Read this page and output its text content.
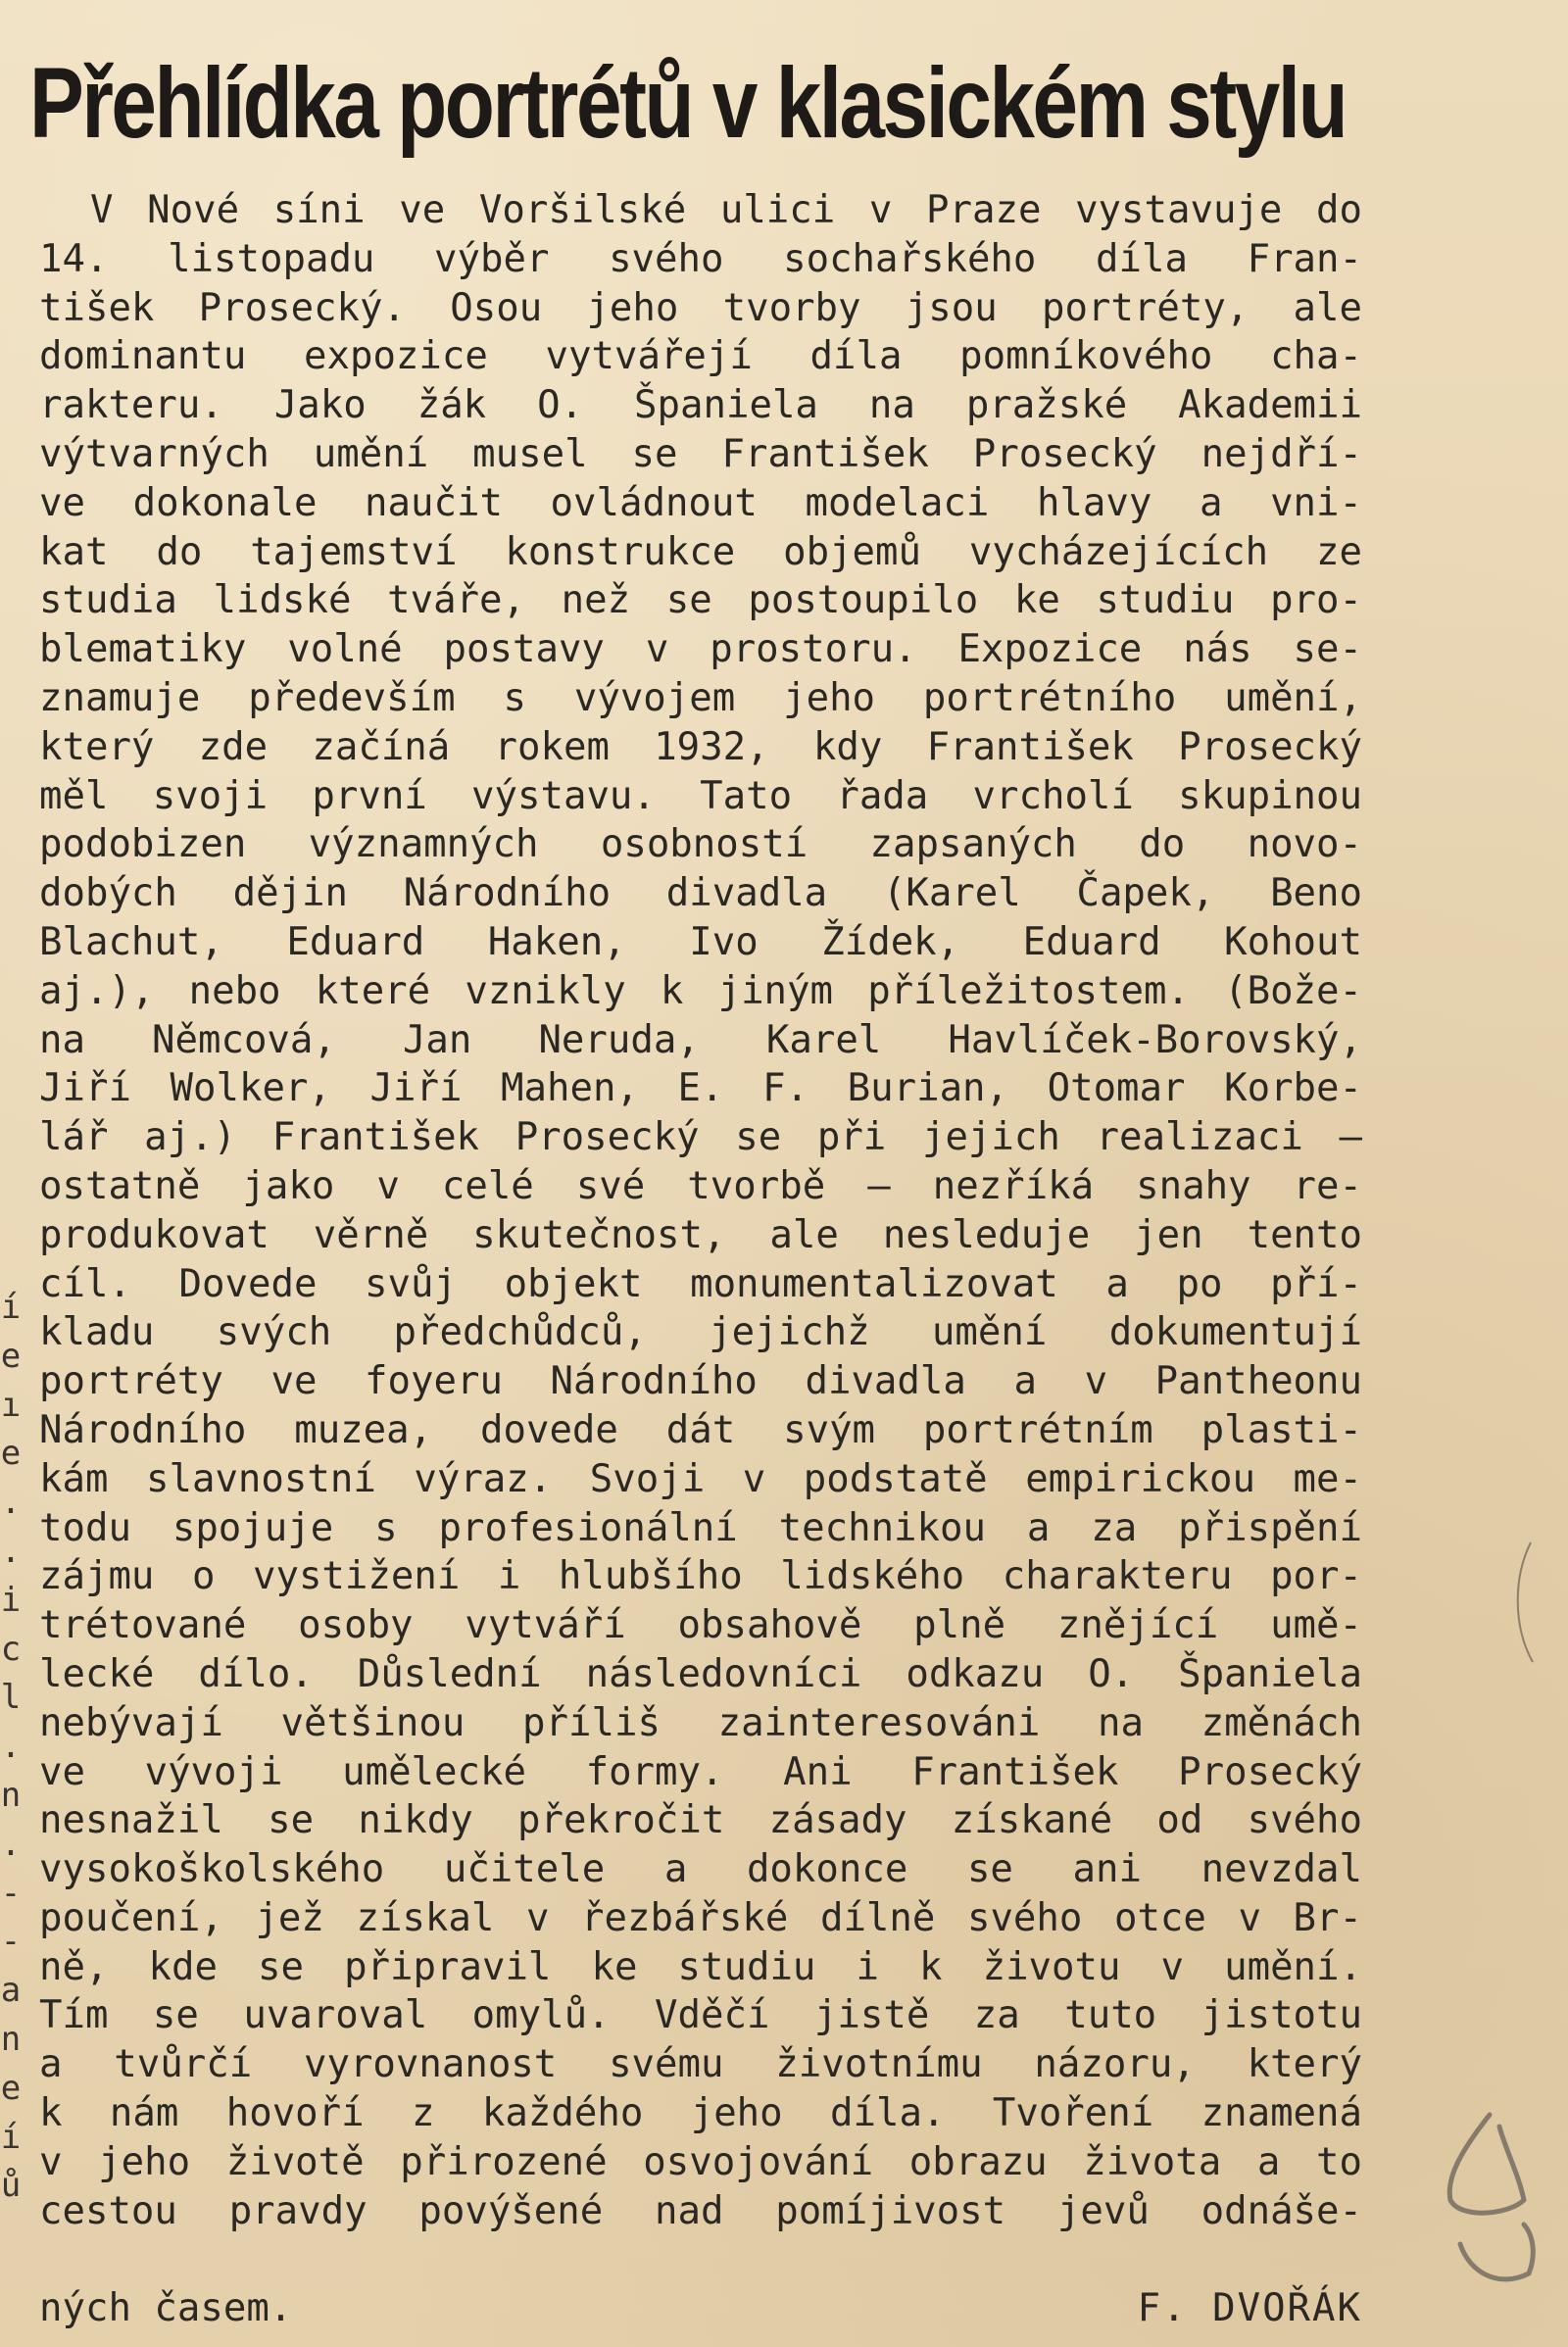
Přehlídka portrétů v klasickém stylu
V Nové síni ve Voršilské ulici v Praze vystavuje do
14. listopadu výběr svého sochařského díla Fran-
tišek Prosecký. Osou jeho tvorby jsou portréty, ale
dominantu expozice vytvářejí díla pomníkového cha-
rakteru. Jako žák O. Španiela na pražské Akademii
výtvarných umění musel se František Prosecký nejdří-
ve dokonale naučit ovládnout modelaci hlavy a vni-
kat do tajemství konstrukce objemů vycházejících ze
studia lidské tváře, než se postoupilo ke studiu pro-
blematiky volné postavy v prostoru. Expozice nás se-
znamuje především s vývojem jeho portrétního umění,
který zde začíná rokem 1932, kdy František Prosecký
měl svoji první výstavu. Tato řada vrcholí skupinou
podobizen významných osobností zapsaných do novo-
dobých dějin Národního divadla (Karel Čapek, Beno
Blachut, Eduard Haken, Ivo Žídek, Eduard Kohout
aj.), nebo které vznikly k jiným příležitostem. (Bože-
na Němcová, Jan Neruda, Karel Havlíček-Borovský,
Jiří Wolker, Jiří Mahen, E. F. Burian, Otomar Korbe-
lář aj.) František Prosecký se při jejich realizaci —
ostatně jako v celé své tvorbě — nezříká snahy re-
produkovat věrně skutečnost, ale nesleduje jen tento
cíl. Dovede svůj objekt monumentalizovat a po pří-
kladu svých předchůdců, jejichž umění dokumentují
portréty ve foyeru Národního divadla a v Pantheonu
Národního muzea, dovede dát svým portrétním plasti-
kám slavnostní výraz. Svoji v podstatě empirickou me-
todu spojuje s profesionální technikou a za přispění
zájmu o vystižení i hlubšího lidského charakteru por-
trétované osoby vytváří obsahově plně znějící umě-
lecké dílo. Důslední následovníci odkazu O. Španiela
nebývají většinou příliš zainteresováni na změnách
ve vývoji umělecké formy. Ani František Prosecký
nesnažil se nikdy překročit zásady získané od svého
vysokoškolského učitele a dokonce se ani nevzdal
poučení, jež získal v řezbářské dílně svého otce v Br-
ně, kde se připravil ke studiu i k životu v umění.
Tím se uvaroval omylů. Vděčí jistě za tuto jistotu
a tvůrčí vyrovnanost svému životnímu názoru, který
k nám hovoří z každého jeho díla. Tvoření znamená
v jeho životě přirozené osvojování obrazu života a to
cestou pravdy povýšené nad pomíjivost jevů odnáše-
ných časem.	F. DVOŘÁK
í
e
ı
e
.
.
i
c
l
.
n
.
-
-
a
n
e
í
ů
